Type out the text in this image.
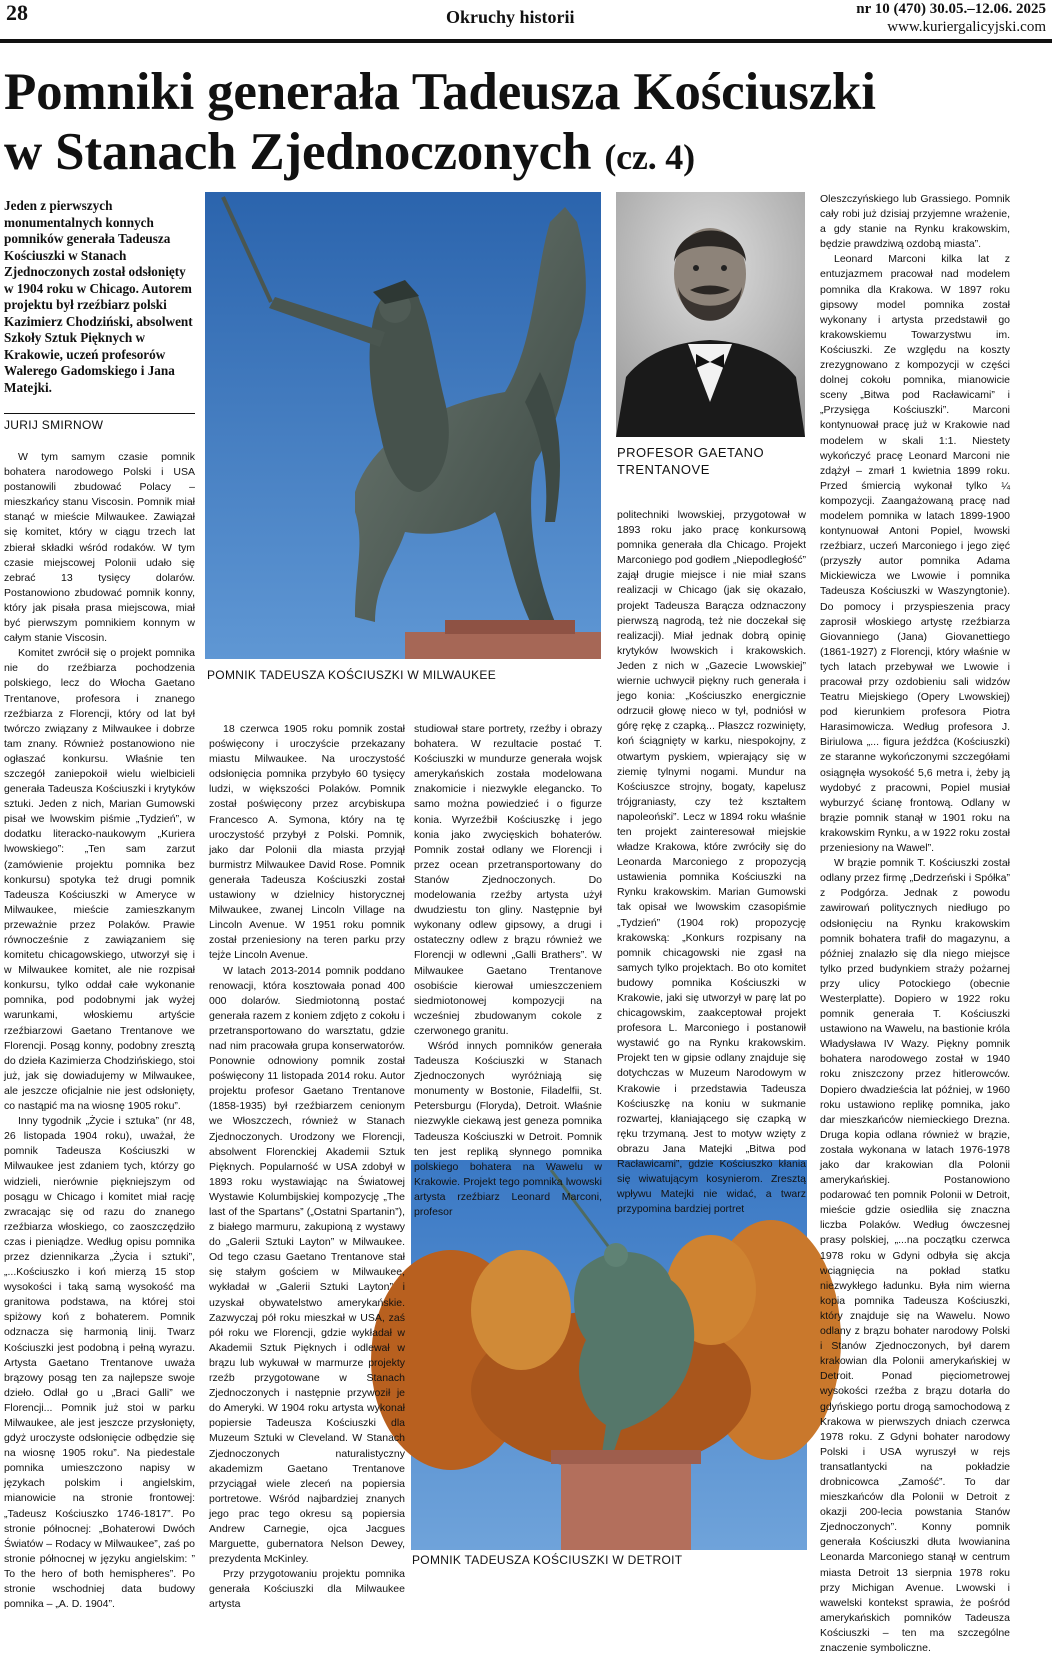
28	Okruchy historii	nr 10 (470) 30.05.–12.06. 2025
www.kuriergalicyjski.com
Pomniki generała Tadeusza Kościuszki
w Stanach Zjednoczonych (cz. 4)
Jeden z pierwszych monumentalnych konnych pomników generała Tadeusza Kościuszki w Stanach Zjednoczonych został odsłonięty w 1904 roku w Chicago. Autorem projektu był rzeźbiarz polski Kazimierz Chodziński, absolwent Szkoły Sztuk Pięknych w Krakowie, uczeń profesorów Walerego Gadomskiego i Jana Matejki.
JURIJ SMIRNOW
POMNIK TADEUSZA KOŚCIUSZKI W MILWAUKEE
PROFESOR GAETANO TRENTANOVE
POMNIK TADEUSZA KOŚCIUSZKI W DETROIT

W tym samym czasie pomnik bohatera narodowego Polski i USA postanowili zbudować Polacy – mieszkańcy stanu Viscosin. Pomnik miał stanąć w mieście Milwaukee. Zawiązał się komitet, który w ciągu trzech lat zbierał składki wśród rodaków. W tym czasie miejscowej Polonii udało się zebrać 13 tysięcy dolarów. Postanowiono zbudować pomnik konny, który jak pisała prasa miejscowa, miał być pierwszym pomnikiem konnym w całym stanie Viscosin.

Komitet zwrócił się o projekt pomnika nie do rzeźbiarza pochodzenia polskiego, lecz do Włocha Gaetano Trentanove, profesora i znanego rzeźbiarza z Florencji, który od lat był twórczo związany z Milwaukee i dobrze tam znany. Również postanowiono nie ogłaszać konkursu. Właśnie ten szczegół zaniepokoił wielu wielbicieli generała Tadeusza Kościuszki i krytyków sztuki. Jeden z nich, Marian Gumowski pisał we lwowskim piśmie „Tydzień”, w dodatku literacko-naukowym „Kuriera lwowskiego”: „Ten sam zarzut (zamówienie projektu pomnika bez konkursu) spotyka też drugi pomnik Tadeusza Kościuszki w Ameryce w Milwaukee, mieście zamieszkanym przeważnie przez Polaków. Prawie równocześnie z zawiązaniem się komitetu chicagowskiego, utworzył się i w Milwaukee komitet, ale nie rozpisał konkursu, tylko oddał całe wykonanie pomnika, pod podobnymi jak wyżej warunkami, włoskiemu artyście rzeźbiarzowi Gaetano Trentanove we Florencji. Posąg konny, podobny zresztą do dzieła Kazimierza Chodzińskiego, stoi już, jak się dowiadujemy w Milwaukee, ale jeszcze oficjalnie nie jest odsłonięty, co nastąpić ma na wiosnę 1905 roku”.

Inny tygodnik „Życie i sztuka” (nr 48, 26 listopada 1904 roku), uważał, że pomnik Tadeusza Kościuszki w Milwaukee jest zdaniem tych, którzy go widzieli, nierównie piękniejszym od posągu w Chicago i komitet miał rację zwracając się od razu do znanego rzeźbiarza włoskiego, co zaoszczędziło czas i pieniądze. Według opisu pomnika przez dziennikarza „Życia i sztuki”, „...Kościuszko i koń mierzą 15 stop wysokości i taką samą wysokość ma granitowa podstawa, na której stoi spiżowy koń z bohaterem. Pomnik odznacza się harmonią linij. Twarz Kościuszki jest podobną i pełną wyrazu. Artysta Gaetano Trentanove uważa brązowy posąg ten za najlepsze swoje dzieło. Odlał go u „Braci Galli” we Florencji... Pomnik już stoi w parku Milwaukee, ale jest jeszcze przysłonięty, gdyż uroczyste odsłonięcie odbędzie się na wiosnę 1905 roku”. Na piedestale pomnika umieszczono napisy w językach polskim i angielskim, mianowicie na stronie frontowej: „Tadeusz Kościuszko 1746-1817”. Po stronie północnej: „Bohaterowi Dwóch Światów – Rodacy w Milwaukee”, zaś po stronie północnej w języku angielskim: ” To the hero of both hemispheres”. Po stronie wschodniej data budowy pomnika – „A. D. 1904”.

18 czerwca 1905 roku pomnik został poświęcony i uroczyście przekazany miastu Milwaukee. Na uroczystość odsłonięcia pomnika przybyło 60 tysięcy ludzi, w większości Polaków. Pomnik został poświęcony przez arcybiskupa Francesco A. Symona, który na tę uroczystość przybył z Polski. Pomnik, jako dar Polonii dla miasta przyjął burmistrz Milwaukee David Rose. Pomnik generała Tadeusza Kościuszki został ustawiony w dzielnicy historycznej Milwaukee, zwanej Lincoln Village na Lincoln Avenue. W 1951 roku pomnik został przeniesiony na teren parku przy tejże Lincoln Avenue.

W latach 2013-2014 pomnik poddano renowacji, która kosztowała ponad 400 000 dolarów. Siedmiotonną postać generała razem z koniem zdjęto z cokołu i przetransportowano do warsztatu, gdzie nad nim pracowała grupa konserwatorów. Ponownie odnowiony pomnik został poświęcony 11 listopada 2014 roku. Autor projektu profesor Gaetano Trentanove (1858-1935) był rzeźbiarzem cenionym we Włoszczech, również w Stanach Zjednoczonych. Urodzony we Florencji, absolwent Florenckiej Akademii Sztuk Pięknych. Popularność w USA zdobył w 1893 roku wystawiając na Światowej Wystawie Kolumbijskiej kompozycję „The last of the Spartans” („Ostatni Spartanin”), z białego marmuru, zakupioną z wystawy do „Galerii Sztuki Layton” w Milwaukee. Od tego czasu Gaetano Trentanove stał się stałym gościem w Milwaukee, wykładał w „Galerii Sztuki Layton” i uzyskał obywatelstwo amerykańskie. Zazwyczaj pół roku mieszkał w USA, zaś pół roku we Florencji, gdzie wykładał w Akademii Sztuk Pięknych i odlewał w brązu lub wykuwał w marmurze projekty rzeźb przygotowane w Stanach Zjednoczonych i następnie przywoził je do Ameryki. W 1904 roku artysta wykonał popiersie Tadeusza Kościuszki dla Muzeum Sztuki w Cleveland. W Stanach Zjednoczonych naturalistyczny akademizm Gaetano Trentanove przyciągał wiele zleceń na popiersia portretowe. Wśród najbardziej znanych jego prac tego okresu są popiersia Andrew Carnegie, ojca Jacgues Marguette, gubernatora Nelson Dewey, prezydenta McKinley.

Przy przygotowaniu projektu pomnika generała Kościuszki dla Milwaukee artysta

studiował stare portrety, rzeźby i obrazy bohatera. W rezultacie postać T. Kościuszki w mundurze generała wojsk amerykańskich została modelowana znakomicie i niezwykle elegancko. To samo można powiedzieć i o figurze konia. Wyrzeźbił Kościuszkę i jego konia jako zwycięskich bohaterów. Pomnik został odlany we Florencji i przez ocean przetransportowany do Stanów Zjednoczonych. Do modelowania rzeźby artysta użył dwudziestu ton gliny. Następnie był wykonany odlew gipsowy, a drugi i ostateczny odlew z brązu również we Florencji w odlewni „Galli Brathers”. W Milwaukee Gaetano Trentanove osobiście kierował umieszczeniem siedmiotonowej kompozycji na wcześniej zbudowanym cokole z czerwonego granitu.

Wśród innych pomników generała Tadeusza Kościuszki w Stanach Zjednoczonych wyróżniają się monumenty w Bostonie, Filadelfii, St. Petersburgu (Floryda), Detroit. Właśnie niezwykle ciekawą jest geneza pomnika Tadeusza Kościuszki w Detroit. Pomnik ten jest repliką słynnego pomnika polskiego bohatera na Wawelu w Krakowie. Projekt tego pomnika lwowski artysta rzeźbiarz Leonard Marconi, profesor

politechniki lwowskiej, przygotował w 1893 roku jako pracę konkursową pomnika generała dla Chicago. Projekt Marconiego pod godłem „Niepodległość” zajął drugie miejsce i nie miał szans realizacji w Chicago (jak się okazało, projekt Tadeusza Barącza odznaczony pierwszą nagrodą, też nie doczekał się realizacji). Miał jednak dobrą opinię krytyków lwowskich i krakowskich. Jeden z nich w „Gazecie Lwowskiej” wiernie uchwycił piękny ruch generała i jego konia: „Kościuszko energicznie odrzucił głowę nieco w tył, podniósł w górę rękę z czapką... Płaszcz rozwinięty, koń ściągnięty w karku, niespokojny, z otwartym pyskiem, wpierający się w ziemię tylnymi nogami. Mundur na Kościuszce strojny, bogaty, kapelusz trójgraniasty, czy też kształtem napoleoński”. Lecz w 1894 roku właśnie ten projekt zainteresował miejskie władze Krakowa, które zwróciły się do Leonarda Marconiego z propozycją ustawienia pomnika Kościuszki na Rynku krakowskim. Marian Gumowski tak opisał we lwowskim czasopiśmie „Tydzień” (1904 rok) propozycję krakowską: „Konkurs rozpisany na pomnik chicagowski nie zgasł na samych tylko projektach. Bo oto komitet budowy pomnika Kościuszki w Krakowie, jaki się utworzył w parę lat po chicagowskim, zaakceptował projekt profesora L. Marconiego i postanowił wystawić go na Rynku krakowskim. Projekt ten w gipsie odlany znajduje się dotychczas w Muzeum Narodowym w Krakowie i przedstawia Tadeusza Kościuszkę na koniu w sukmanie rozwartej, kłaniającego się czapką w ręku trzymaną. Jest to motyw wzięty z obrazu Jana Matejki „Bitwa pod Racławicami”, gdzie Kościuszko kłania się wiwatującym kosynierom. Zresztą wpływu Matejki nie widać, a twarz przypomina bardziej portret

Oleszczyńskiego lub Grassiego. Pomnik cały robi już dzisiaj przyjemne wrażenie, a gdy stanie na Rynku krakowskim, będzie prawdziwą ozdobą miasta”.

Leonard Marconi kilka lat z entuzjazmem pracował nad modelem pomnika dla Krakowa. W 1897 roku gipsowy model pomnika został wykonany i artysta przedstawił go krakowskiemu Towarzystwu im. Kościuszki. Ze względu na koszty zrezygnowano z kompozycji w części dolnej cokołu pomnika, mianowicie sceny „Bitwa pod Racławicami” i „Przysięga Kościuszki”. Marconi kontynuował pracę już w Krakowie nad modelem w skali 1:1. Niestety wykończyć pracę Leonard Marconi nie zdążył – zmarł 1 kwietnia 1899 roku. Przed śmiercią wykonał tylko ¼ kompozycji. Zaangażowaną pracę nad modelem pomnika w latach 1899-1900 kontynuował Antoni Popiel, lwowski rzeźbiarz, uczeń Marconiego i jego zięć (przyszły autor pomnika Adama Mickiewicza we Lwowie i pomnika Tadeusza Kościuszki w Waszyngtonie). Do pomocy i przyspieszenia pracy zaprosił włoskiego artystę rzeźbiarza Giovanniego (Jana) Giovanettiego (1861-1927) z Florencji, który właśnie w tych latach przebywał we Lwowie i pracował przy ozdobieniu sali widzów Teatru Miejskiego (Opery Lwowskiej) pod kierunkiem profesora Piotra Harasimowicza. Według profesora J. Biriulowa „... figura jeźdźca (Kościuszki) ze staranne wykończonymi szczegółami osiągnęła wysokość 5,6 metra i, żeby ją wydobyć z pracowni, Popiel musiał wyburzyć ścianę frontową. Odlany w brązie pomnik stanął w 1901 roku na krakowskim Rynku, a w 1922 roku został przeniesiony na Wawel”.

W brązie pomnik T. Kościuszki został odlany przez firmę „Dedrzeński i Spółka” z Podgórza. Jednak z powodu zawirowań politycznych niedługo po odsłonięciu na Rynku krakowskim pomnik bohatera trafił do magazynu, a później znalazło się dla niego miejsce tylko przed budynkiem straży pożarnej przy ulicy Potockiego (obecnie Westerplatte). Dopiero w 1922 roku pomnik generała T. Kościuszki ustawiono na Wawelu, na bastionie króla Władysława IV Wazy. Piękny pomnik bohatera narodowego został w 1940 roku zniszczony przez hitlerowców. Dopiero dwadzieścia lat później, w 1960 roku ustawiono replikę pomnika, jako dar mieszkańców niemieckiego Drezna. Druga kopia odlana również w brązie, została wykonana w latach 1976-1978 jako dar krakowian dla Polonii amerykańskiej. Postanowiono podarować ten pomnik Polonii w Detroit, mieście gdzie osiedliła się znaczna liczba Polaków. Według ówczesnej prasy polskiej, „...na początku czerwca 1978 roku w Gdyni odbyła się akcja wciągnięcia na pokład statku niezwykłego ładunku. Była nim wierna kopia pomnika Tadeusza Kościuszki, który znajduje się na Wawelu. Nowo odlany z brązu bohater narodowy Polski i Stanów Zjednoczonych, był darem krakowian dla Polonii amerykańskiej w Detroit. Ponad pięciometrowej wysokości rzeźba z brązu dotarła do gdyńskiego portu drogą samochodową z Krakowa w pierwszych dniach czerwca 1978 roku. Z Gdyni bohater narodowy Polski i USA wyruszył w rejs transatlantycki na pokładzie drobnicowca „Zamość”. To dar mieszkańców dla Polonii w Detroit z okazji 200-lecia powstania Stanów Zjednoczonych”. Konny pomnik generała Kościuszki dłuta lwowianina Leonarda Marconiego stanął w centrum miasta Detroit 13 sierpnia 1978 roku przy Michigan Avenue. Lwowski i wawelski kontekst sprawia, że pośród amerykańskich pomników Tadeusza Kościuszki – ten ma szczególne znaczenie symboliczne.
